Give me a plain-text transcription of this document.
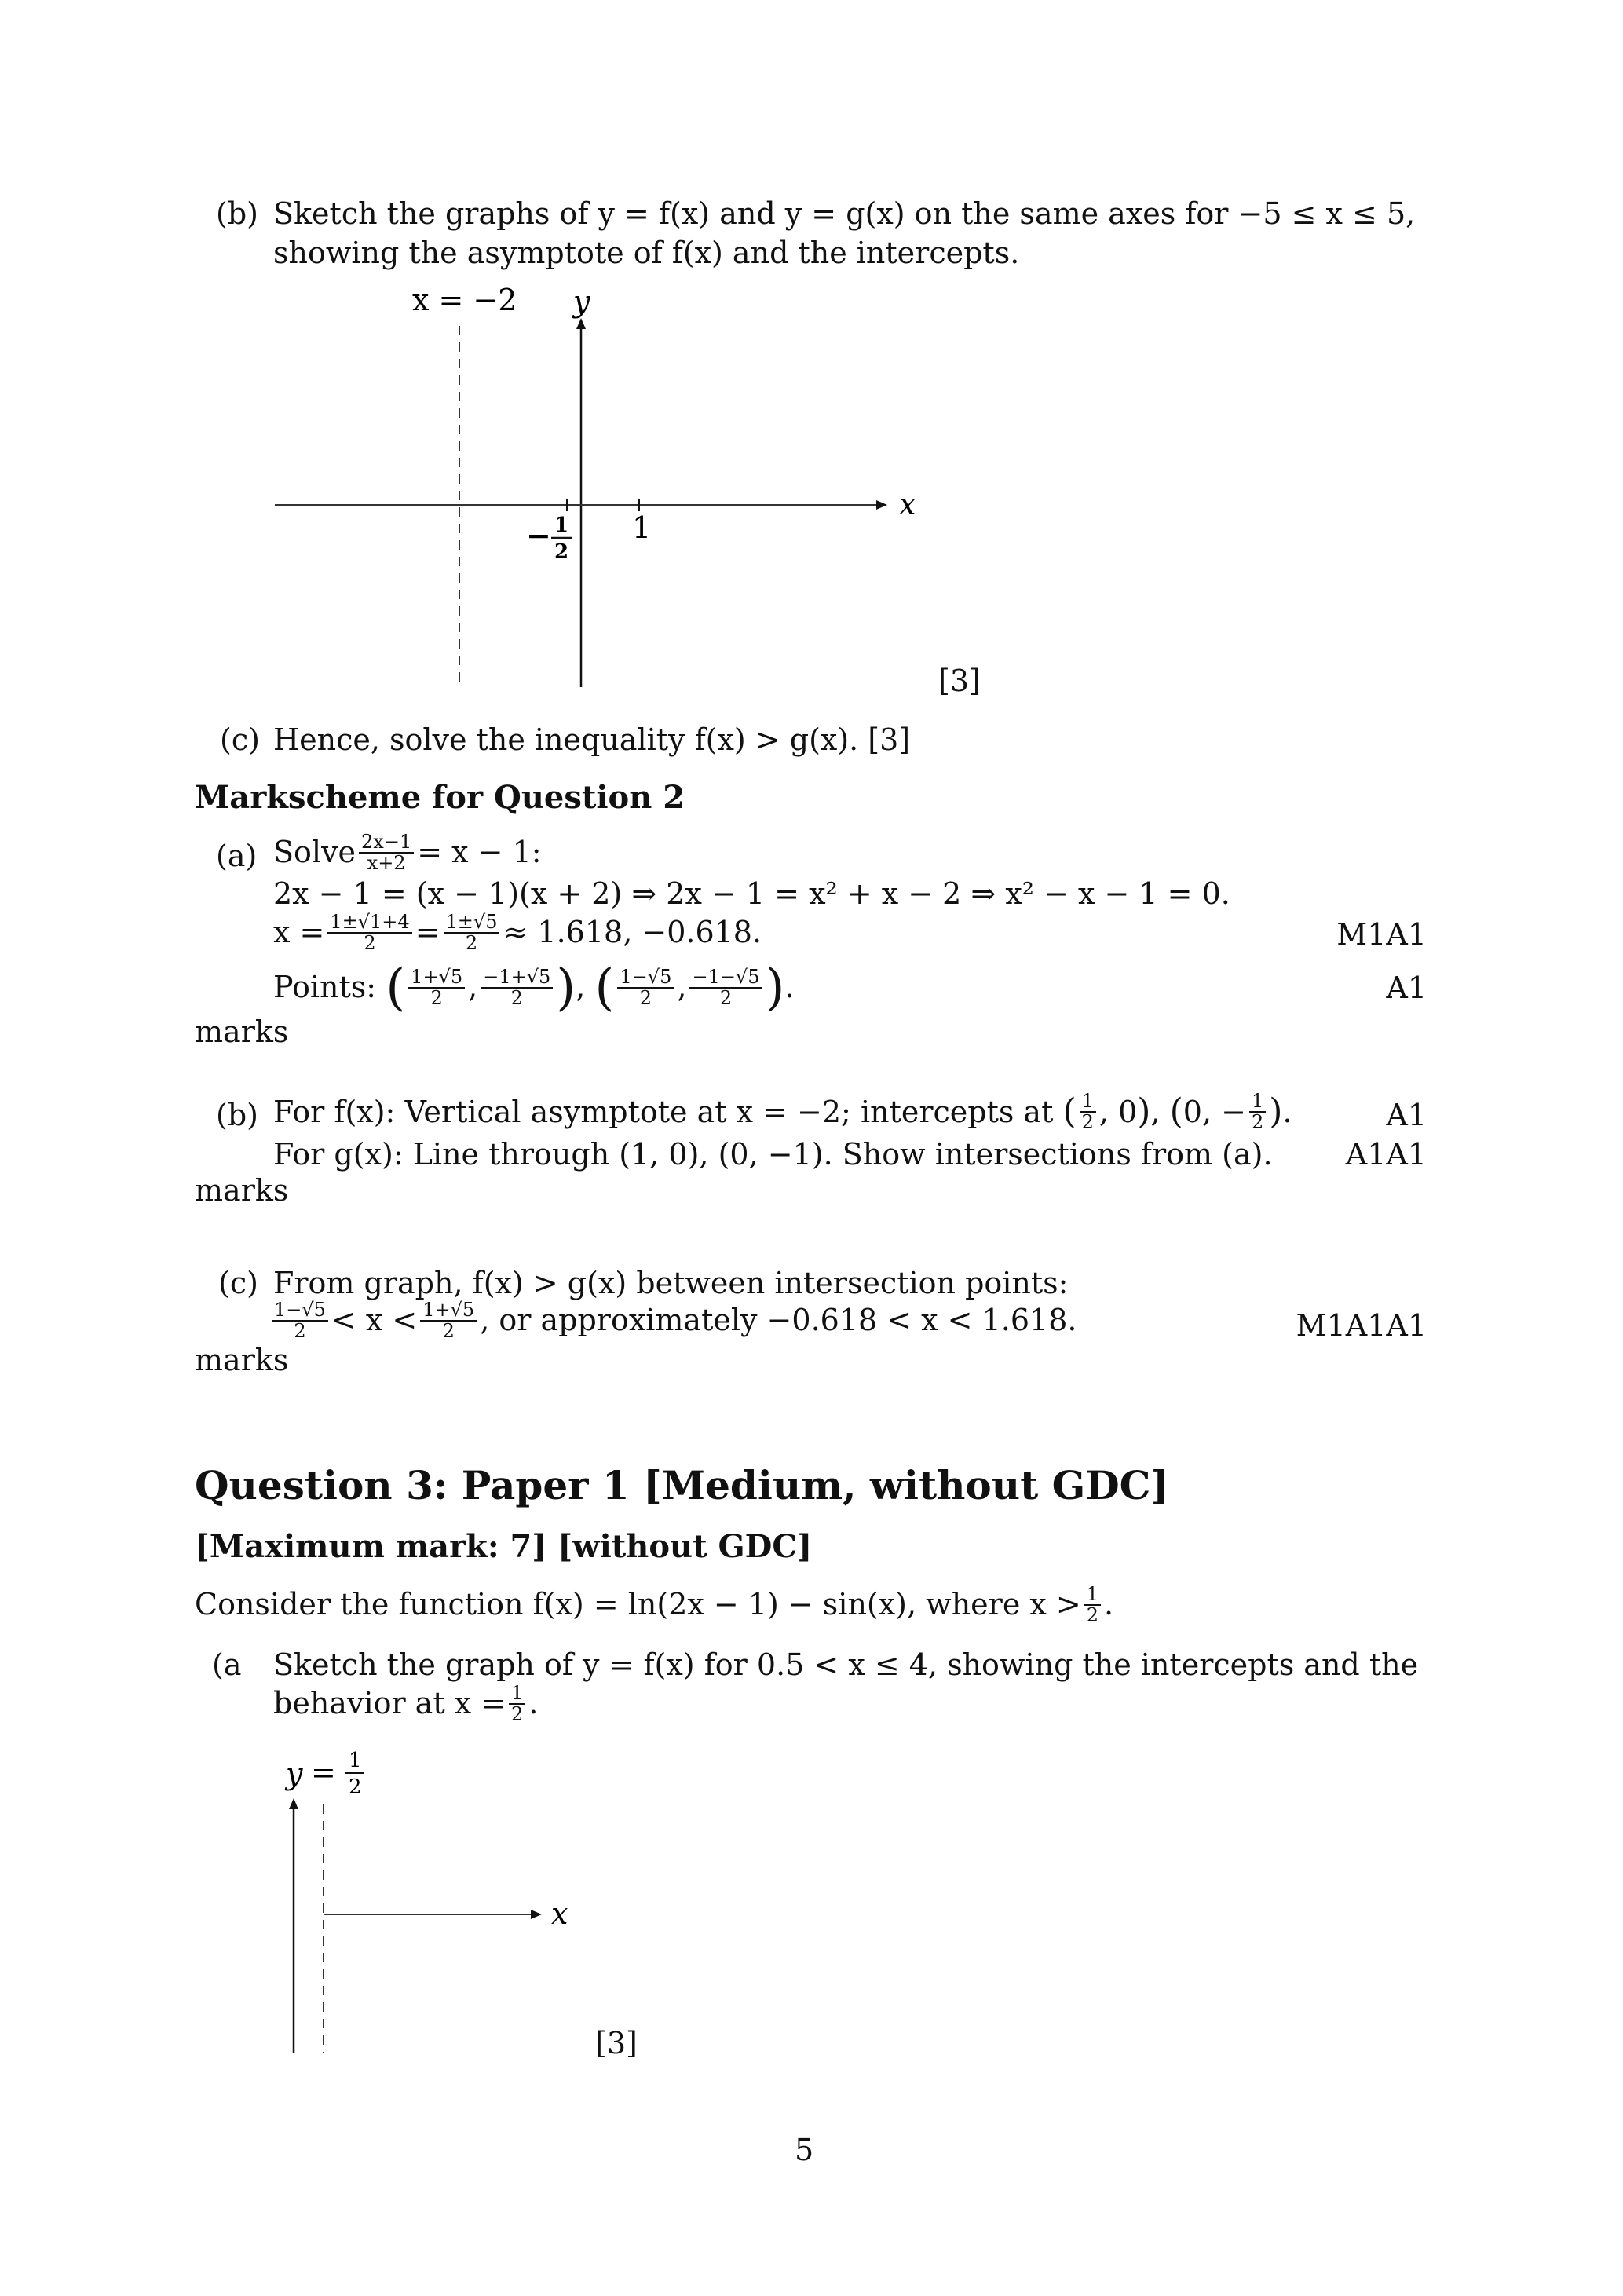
(b) Sketch the graphs of y = f(x) and y = g(x) on the same axes for −5 ≤ x ≤ 5,
showing the asymptote of f(x) and the intercepts.
x = −2 y
x
− 1
2
1
[3]
(c) Hence, solve the inequality f(x) > g(x). [3]
Markscheme for Question 2
(a) Solve $\frac{2x-1}{x+2} = x - 1$:
2x − 1 = (x − 1)(x + 2) ⇒ 2x − 1 = x² + x − 2 ⇒ x² − x − 1 = 0.
$x = \frac{1\pm√1+4}{2} = \frac{1\pm√5}{2} \approx 1.618$, −0.618.	M1A1
Points:
( $\frac{1+√5}{2}$ , $\frac{-1+√5}{2}$ ) , ( $\frac{1-√5}{2}$ , $\frac{-1-√5}{2}$ ) .	A1
marks
(b) For f(x): Vertical asymptote at x = −2; intercepts at
( $\frac{1}{2}$ , 0 ) , ( 0, − $\frac{1}{2}$ ) .	A1
For g(x): Line through (1, 0), (0, −1). Show intersections from (a). A1A1
marks
(c) From graph, f(x) > g(x) between intersection points:
$\frac{1-√5}{2} < x < \frac{1+√5}{2}$ , or approximately −0.618 < x < 1.618.	M1A1A1
marks
Question 3: Paper 1 [Medium, without GDC]
[Maximum mark: 7] [without GDC]
Consider the function f(x) = ln(2x − 1) − sin(x), where $x > \frac{1}{2}$ .
(a Sketch the graph of y = f(x) for 0.5 < x ≤ 4, showing the intercepts and the
behavior at $x = \frac{1}{2}$ .
y = 1
2
x
[3]
5
